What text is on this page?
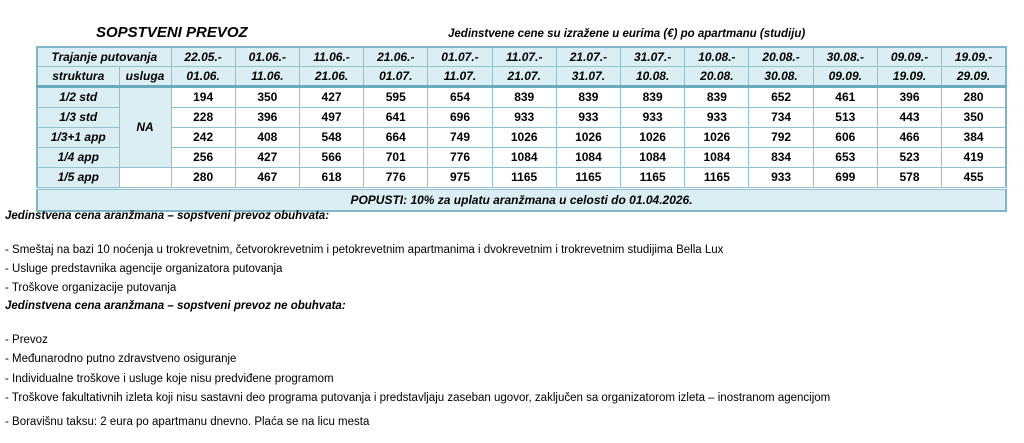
SOPSTVENI PREVOZ	Jedinstvene cene su izražene u eurima (€) po apartmanu (studiju)
Trajanje putovanja		22.05.-	01.06.-	11.06.-	21.06.-	01.07.-	11.07.-	21.07.-	31.07.-	10.08.-	20.08.-	30.08.-	09.09.-	19.09.-
struktura	usluga	01.06.	11.06.	21.06.	01.07.	11.07.	21.07.	31.07.	10.08.	20.08.	30.08.	09.09.	19.09.	29.09.
1/2 std	NA	194	350	427	595	654	839	839	839	839	652	461	396	280
1/3 std		228	396	497	641	696	933	933	933	933	734	513	443	350
1/3+1 app		242	408	548	664	749	1026	1026	1026	1026	792	606	466	384
1/4 app		256	427	566	701	776	1084	1084	1084	1084	834	653	523	419
1/5 app		280	467	618	776	975	1165	1165	1165	1165	933	699	578	455
POPUSTI: 10% za uplatu aranžmana u celosti do 01.04.2026.														
Jedinstvena cena aranžmana – sopstveni prevoz obuhvata:
- Smeštaj na bazi 10 noćenja u trokrevetnim, četvorokrevetnim i petokrevetnim apartmanima i dvokrevetnim i trokrevetnim studijima Bella Lux
- Usluge predstavnika agencije organizatora putovanja
- Troškove organizacije putovanja
Jedinstvena cena aranžmana – sopstveni prevoz ne obuhvata:
- Prevoz
- Međunarodno putno zdravstveno osiguranje
- Individualne troškove i usluge koje nisu predviđene programom
- Troškove fakultativnih izleta koji nisu sastavni deo programa putovanja i predstavljaju zaseban ugovor, zaključen sa organizatorom izleta – inostranom agencijom
- Boravišnu taksu: 2 eura po apartmanu dnevno. Plaća se na licu mesta
